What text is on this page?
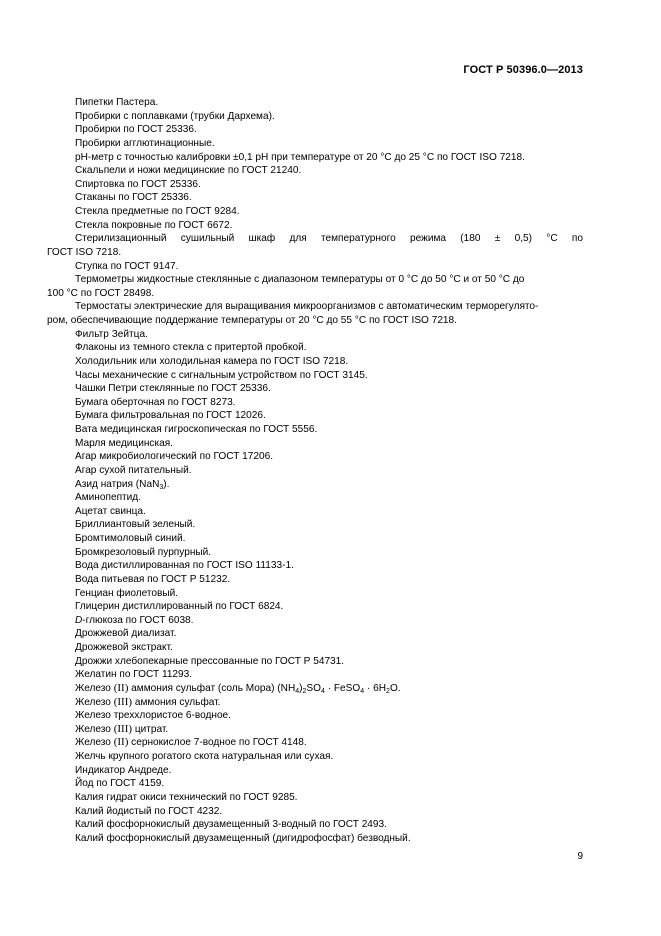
ГОСТ Р 50396.0—2013
Пипетки Пастера.
Пробирки с поплавками (трубки Дархема).
Пробирки по ГОСТ 25336.
Пробирки агглютинационные.
pH-метр с точностью калибровки ±0,1 pH при температуре от 20 °С до 25 °С по ГОСТ ISO 7218.
Скальпели и ножи медицинские по ГОСТ 21240.
Спиртовка по ГОСТ 25336.
Стаканы по ГОСТ 25336.
Стекла предметные по ГОСТ 9284.
Стекла покровные по ГОСТ 6672.
Стерилизационный сушильный шкаф для температурного режима (180 ± 0,5) °С по
ГОСТ ISO 7218.
Ступка по ГОСТ 9147.
Термометры жидкостные стеклянные с диапазоном температуры от 0 °С до 50 °С и от 50 °С до
100 °С по ГОСТ 28498.
Термостаты электрические для выращивания микроорганизмов с автоматическим терморегулято-
ром, обеспечивающие поддержание температуры от 20 °С до 55 °С по ГОСТ ISO 7218.
Фильтр Зейтца.
Флаконы из темного стекла с притертой пробкой.
Холодильник или холодильная камера по ГОСТ ISO 7218.
Часы механические с сигнальным устройством по ГОСТ 3145.
Чашки Петри стеклянные по ГОСТ 25336.
Бумага оберточная по ГОСТ 8273.
Бумага фильтровальная по ГОСТ 12026.
Вата медицинская гигроскопическая по ГОСТ 5556.
Марля медицинская.
Агар микробиологический по ГОСТ 17206.
Агар сухой питательный.
Азид натрия (NaN$_3$).
Аминопептид.
Ацетат свинца.
Бриллиантовый зеленый.
Бромтимоловый синий.
Бромкрезоловый пурпурный.
Вода дистиллированная по ГОСТ ISO 11133-1.
Вода питьевая по ГОСТ Р 51232.
Генциан фиолетовый.
Глицерин дистиллированный по ГОСТ 6824.
D-глюкоза по ГОСТ 6038.
Дрожжевой диализат.
Дрожжевой экстракт.
Дрожжи хлебопекарные прессованные по ГОСТ Р 54731.
Желатин по ГОСТ 11293.
Железо (II) аммония сульфат (соль Мора) $(NH_4)_2SO_4$ · FeSO$_4$ · $6H_2O$.
Железо (III) аммония сульфат.
Железо треххлористое 6-водное.
Железо (III) цитрат.
Железо (II) сернокислое 7-водное по ГОСТ 4148.
Желчь крупного рогатого скота натуральная или сухая.
Индикатор Андреде.
Йод по ГОСТ 4159.
Калия гидрат окиси технический по ГОСТ 9285.
Калий йодистый по ГОСТ 4232.
Калий фосфорнокислый двузамещенный 3-водный по ГОСТ 2493.
Калий фосфорнокислый двузамещенный (дигидрофосфат) безводный.
9
